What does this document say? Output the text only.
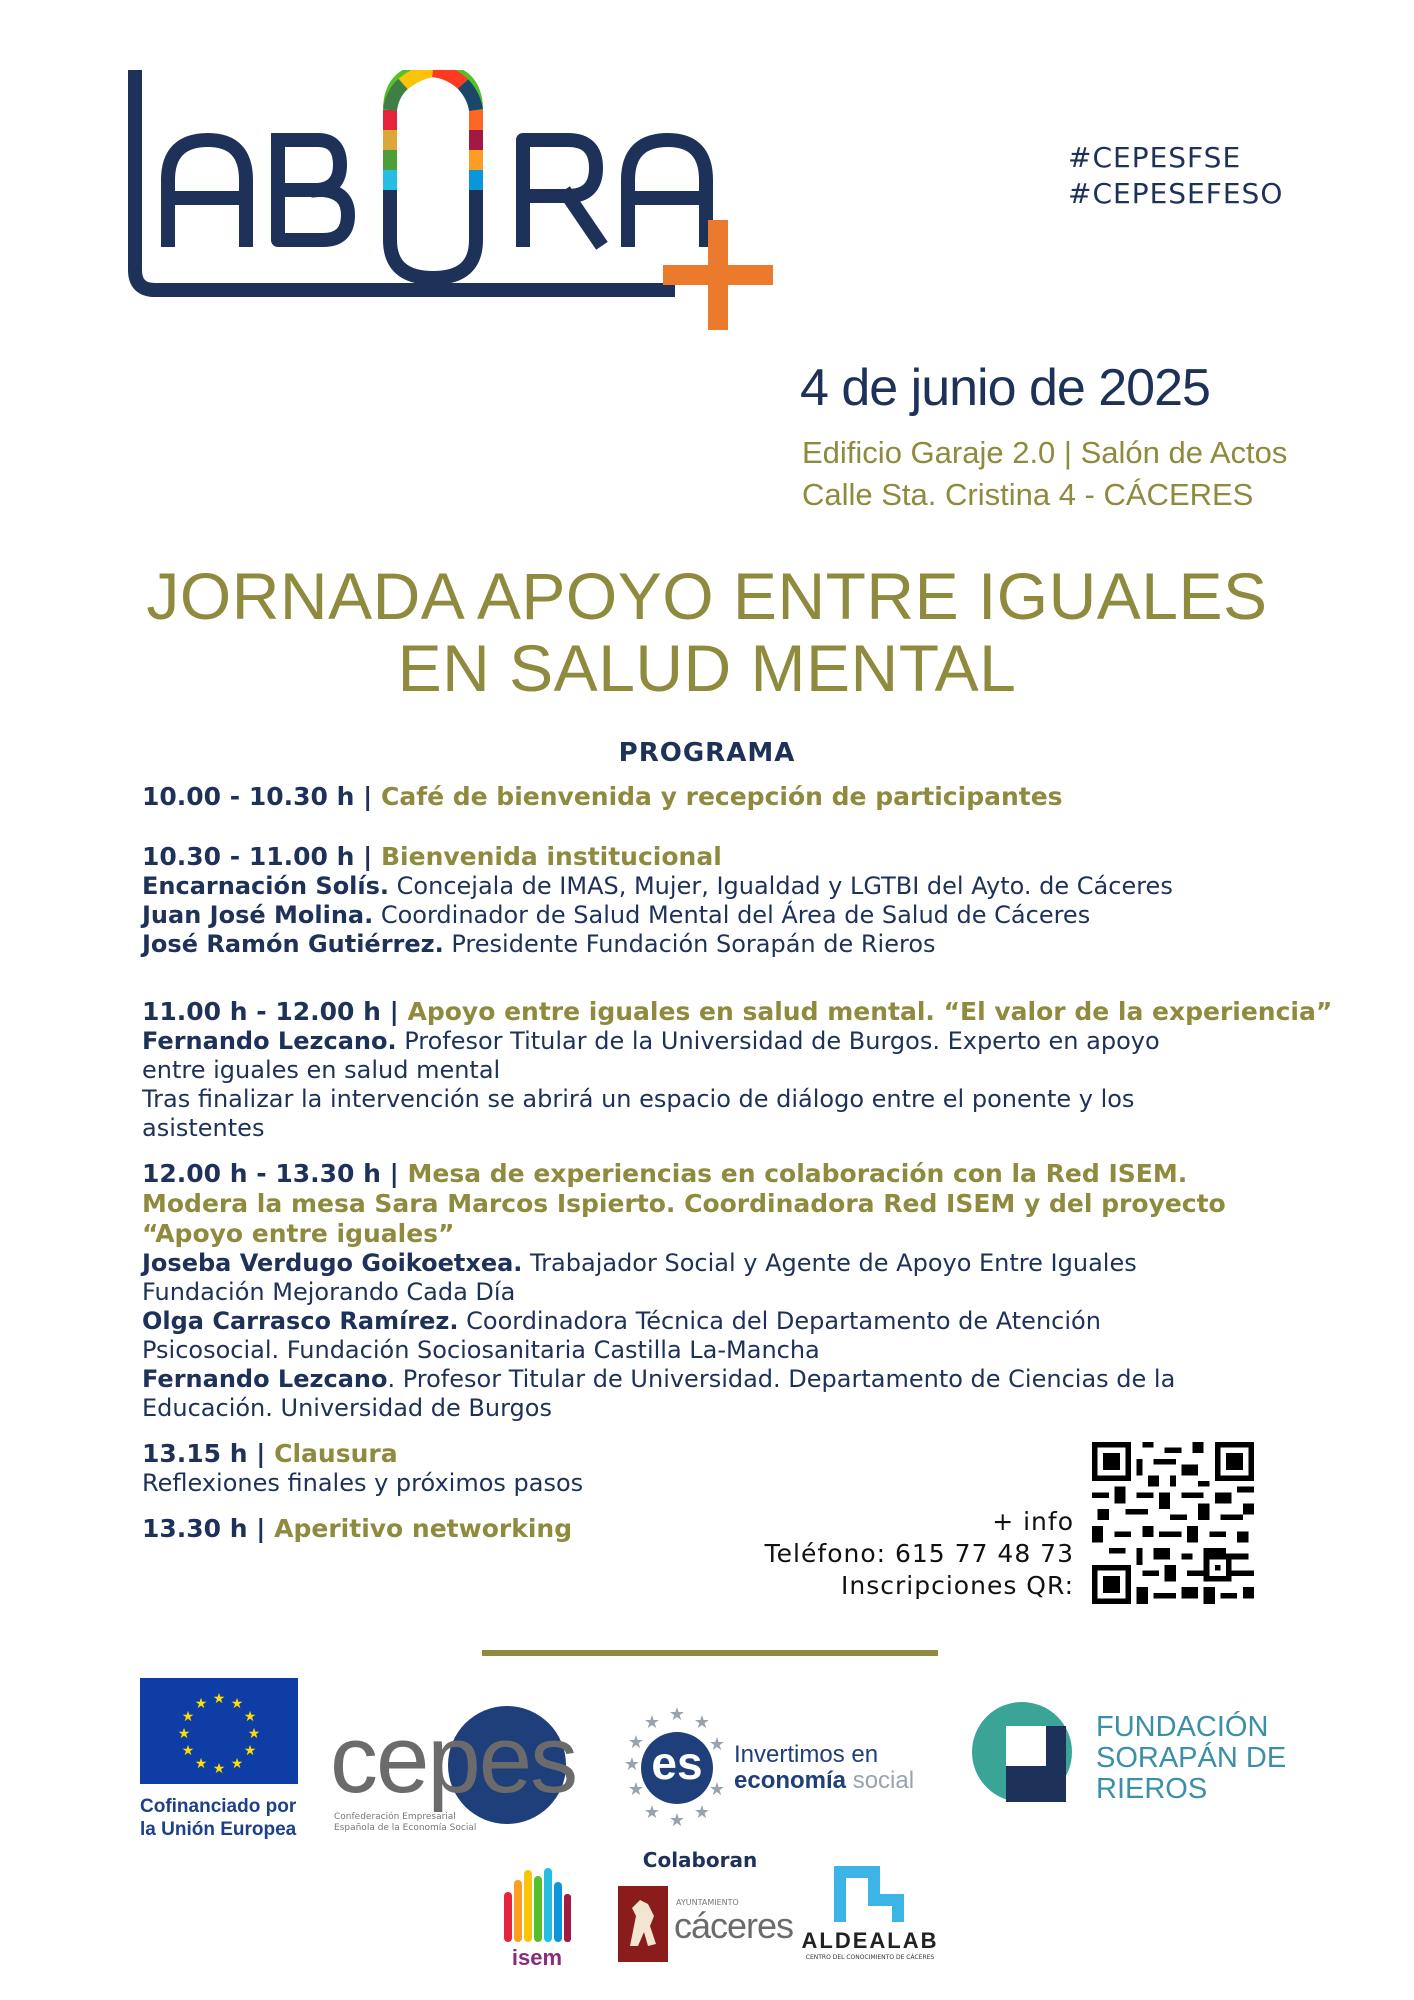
#CEPESFSE
#CEPESEFESO
4 de junio de 2025
Edificio Garaje 2.0 | Salón de Actos
Calle Sta. Cristina 4 - CÁCERES
JORNADA APOYO ENTRE IGUALES
EN SALUD MENTAL
PROGRAMA
10.00 - 10.30 h | Café de bienvenida y recepción de participantes
10.30 - 11.00 h | Bienvenida institucional
Encarnación Solís. Concejala de IMAS, Mujer, Igualdad y LGTBI del Ayto. de Cáceres
Juan José Molina. Coordinador de Salud Mental del Área de Salud de Cáceres
José Ramón Gutiérrez. Presidente Fundación Sorapán de Rieros
11.00 h - 12.00 h | Apoyo entre iguales en salud mental. “El valor de la experiencia”
Fernando Lezcano. Profesor Titular de la Universidad de Burgos. Experto en apoyo
entre iguales en salud mental
Tras finalizar la intervención se abrirá un espacio de diálogo entre el ponente y los
asistentes
12.00 h - 13.30 h | Mesa de experiencias en colaboración con la Red ISEM.
Modera la mesa Sara Marcos Ispierto. Coordinadora Red ISEM y del proyecto
“Apoyo entre iguales”
Joseba Verdugo Goikoetxea. Trabajador Social y Agente de Apoyo Entre Iguales
Fundación Mejorando Cada Día
Olga Carrasco Ramírez. Coordinadora Técnica del Departamento de Atención
Psicosocial. Fundación Sociosanitaria Castilla La-Mancha
Fernando Lezcano. Profesor Titular de Universidad. Departamento de Ciencias de la
Educación. Universidad de Burgos
13.15 h | Clausura
Reflexiones finales y próximos pasos
13.30 h | Aperitivo networking	+ info
Teléfono: 615 77 48 73
Inscripciones QR:
★ ★
★
★
★
★
★
★
★
★
★
★
Cofinanciado por
la Unión Europea
cepes
Confederación Empresarial
Española de la Economía Social
★ ★
★
★
★
★
★
★
★
★
★
es	Invertimos en
economía social
FUNDACIÓN
SORAPÁN DE
RIEROS
Colaboran
isem
AYUNTAMIENTO
cáceres ALDEALAB
CENTRO DEL CONOCIMIENTO DE CÁCERES
